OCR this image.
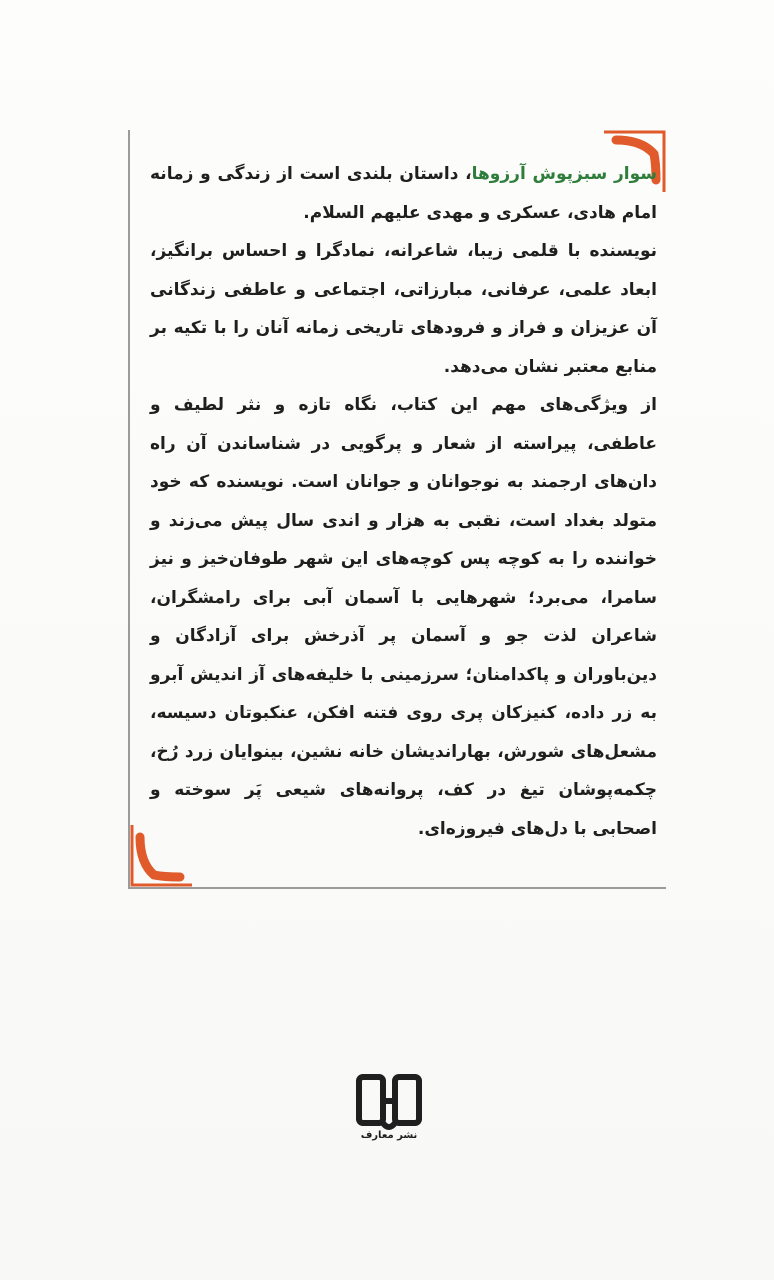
سوار سبزپوش آرزوها، داستان بلندی است از زندگی و زمانه امام هادی، عسکری و مهدی علیهم السلام.

نویسنده با قلمی زیبا، شاعرانه، نمادگرا و احساس برانگیز، ابعاد علمی، عرفانی، مبارزاتی، اجتماعی و عاطفی زندگانی آن عزیزان و فراز و فرودهای تاریخی زمانه آنان را با تکیه بر منابع معتبر نشان می‌دهد.

از ویژگی‌های مهم این کتاب، نگاه تازه و نثر لطیف و عاطفی، پیراسته از شعار و پرگویی در شناساندن آن راه دان‌های ارجمند به نوجوانان و جوانان است. نویسنده که خود متولد بغداد است، نقبی به هزار و اندی سال پیش می‌زند و خواننده را به کوچه پس کوچه‌های این شهر طوفان‌خیز و نیز سامرا، می‌برد؛ شهرهایی با آسمان آبی برای رامشگران، شاعران لذت جو و آسمان پر آذرخش برای آزادگان و دین‌باوران و پاکدامنان؛ سرزمینی با خلیفه‌های آز اندیش آبرو به زر داده، کنیزکان پری روی فتنه افکن، عنکبوتان دسیسه، مشعل‌های شورش، بهاراندیشان خانه نشین، بینوایان زرد رُخ، چکمه‌پوشان تیغ در کف، پروانه‌های شیعی پَر سوخته و اصحابی با دل‌های فیروزه‌ای.

نشر معارف
